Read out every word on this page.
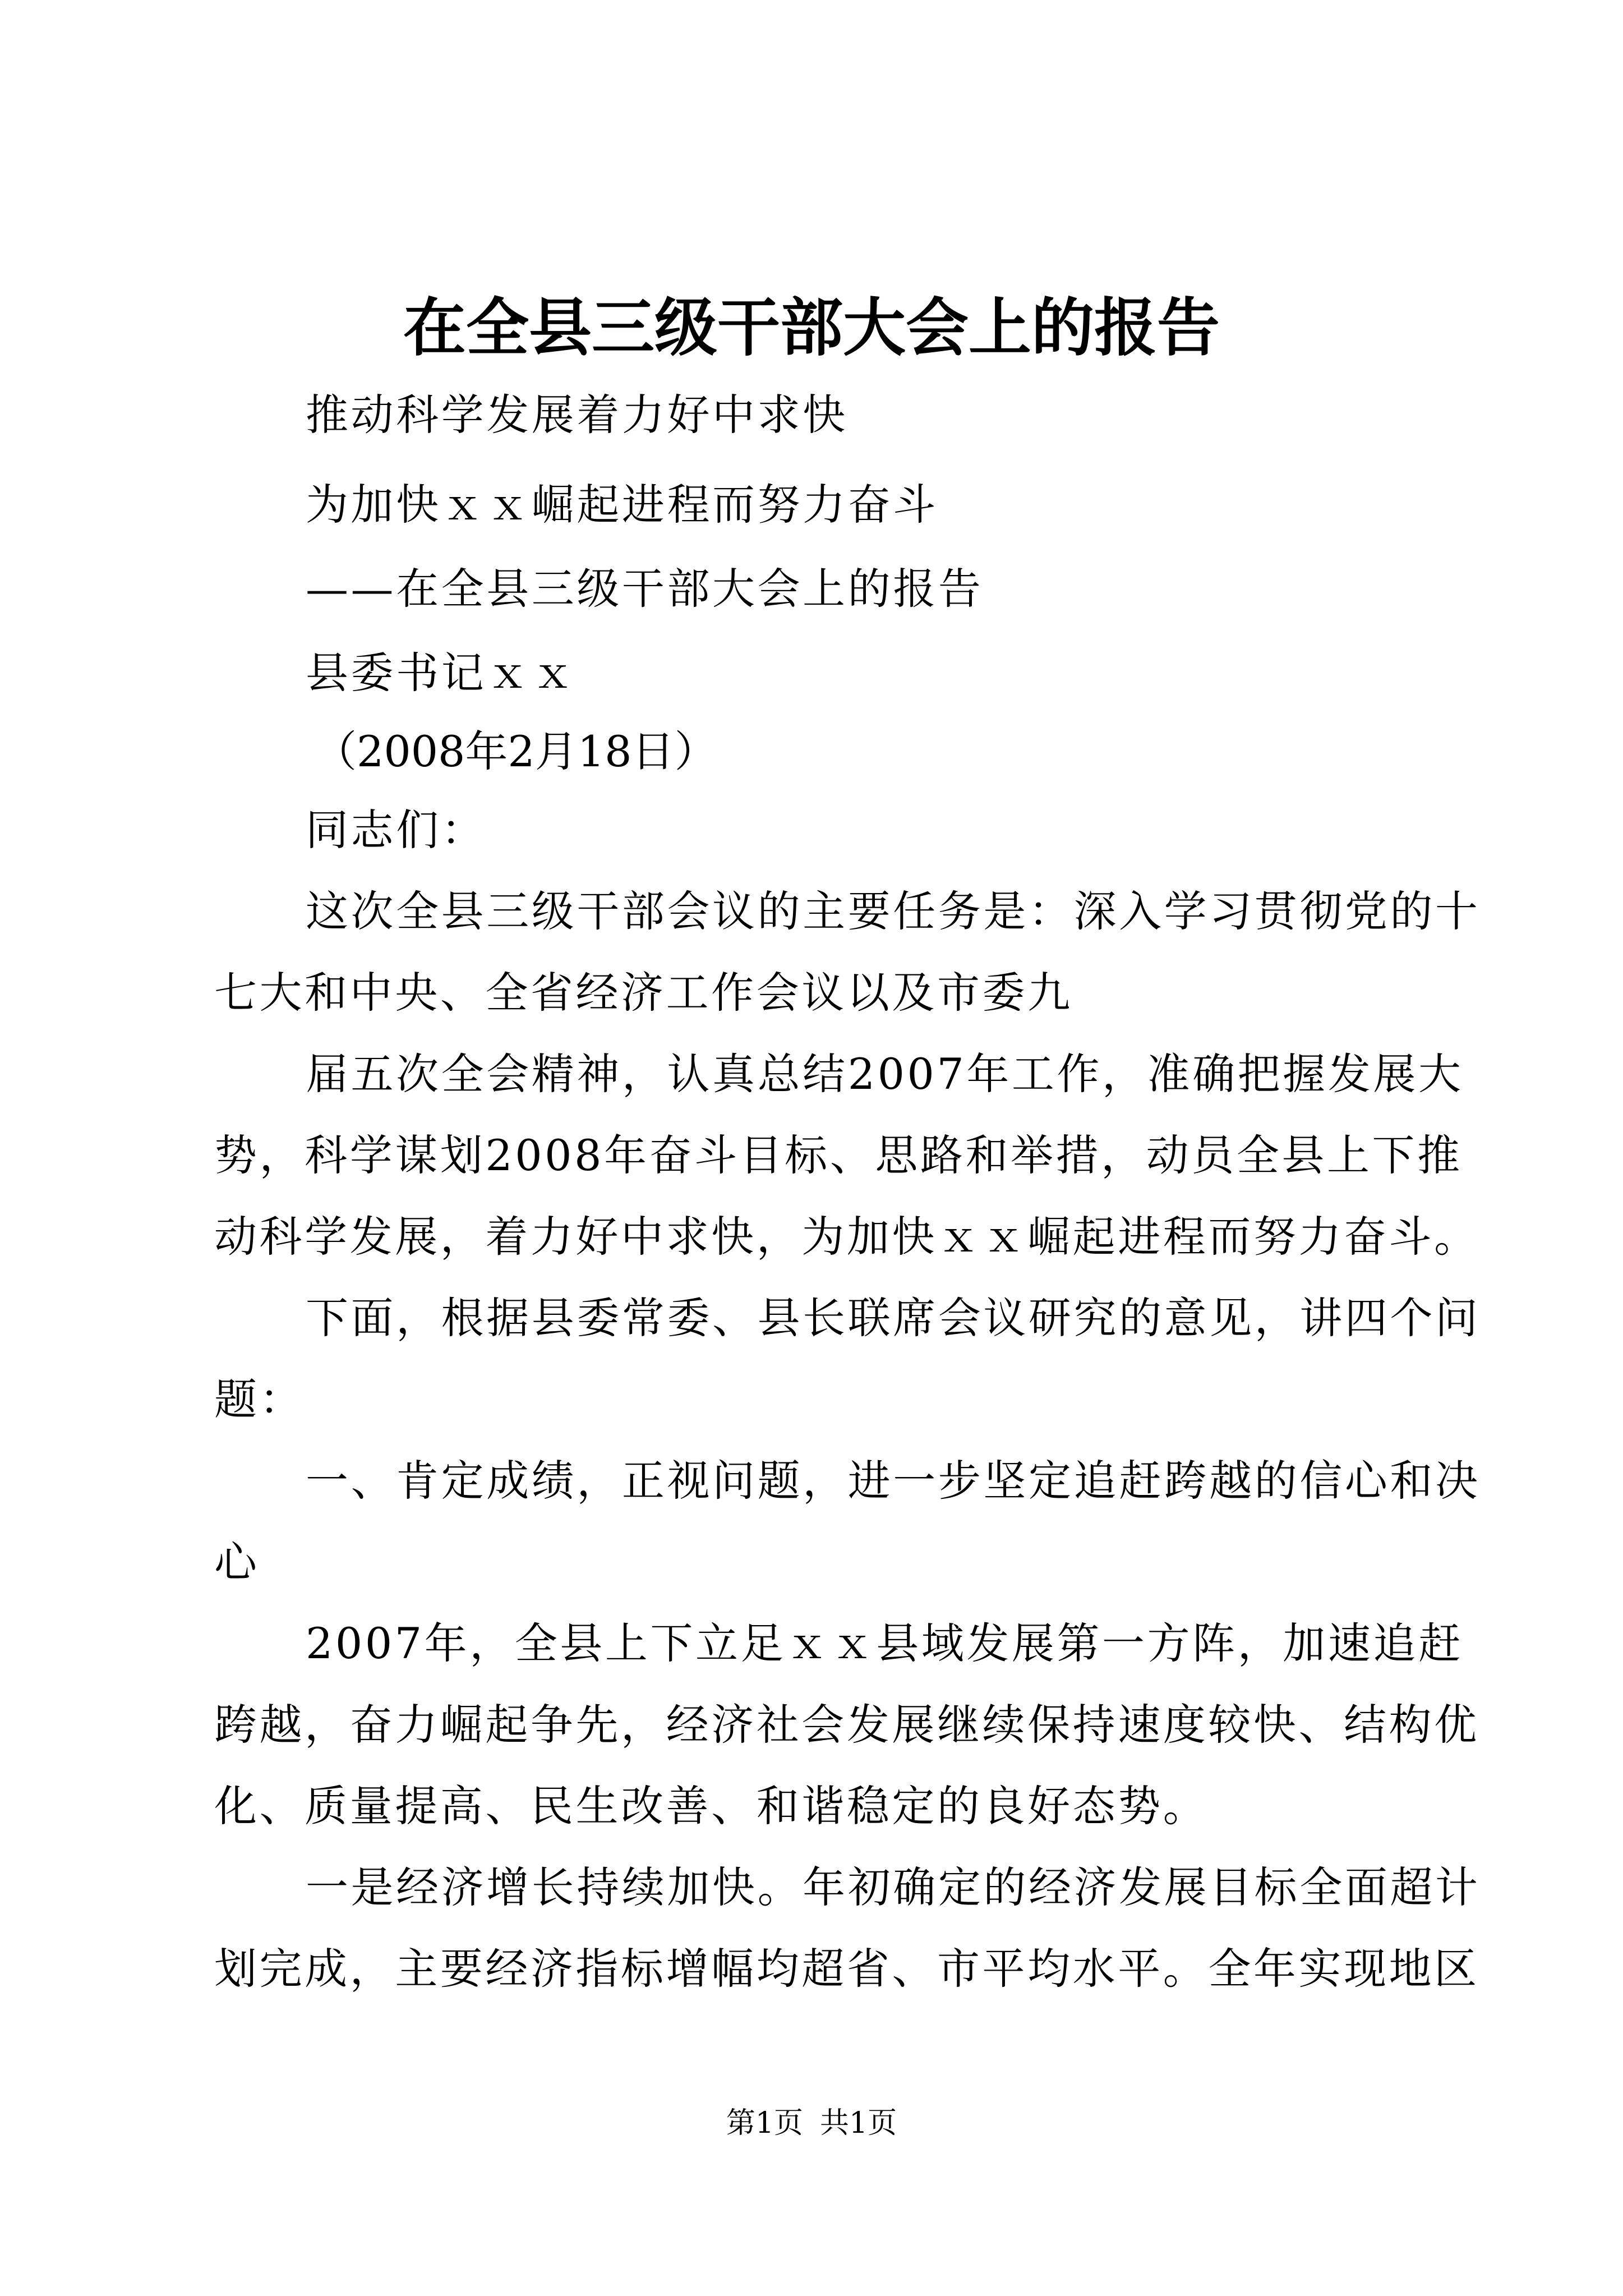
在全县三级干部大会上的报告

推动科学发展着力好中求快

为加快ｘｘ崛起进程而努力奋斗

——在全县三级干部大会上的报告

县委书记ｘｘ

（2008年2月18日）

同志们：

这次全县三级干部会议的主要任务是：深入学习贯彻党的十

七大和中央、全省经济工作会议以及市委九

届五次全会精神，认真总结2007年工作，准确把握发展大

势，科学谋划2008年奋斗目标、思路和举措，动员全县上下推

动科学发展，着力好中求快，为加快ｘｘ崛起进程而努力奋斗。

下面，根据县委常委、县长联席会议研究的意见，讲四个问

题：

一、肯定成绩，正视问题，进一步坚定追赶跨越的信心和决

心

2007年，全县上下立足ｘｘ县域发展第一方阵，加速追赶

跨越，奋力崛起争先，经济社会发展继续保持速度较快、结构优

化、质量提高、民生改善、和谐稳定的良好态势。

一是经济增长持续加快。年初确定的经济发展目标全面超计

划完成，主要经济指标增幅均超省、市平均水平。全年实现地区

第1页 共1页
